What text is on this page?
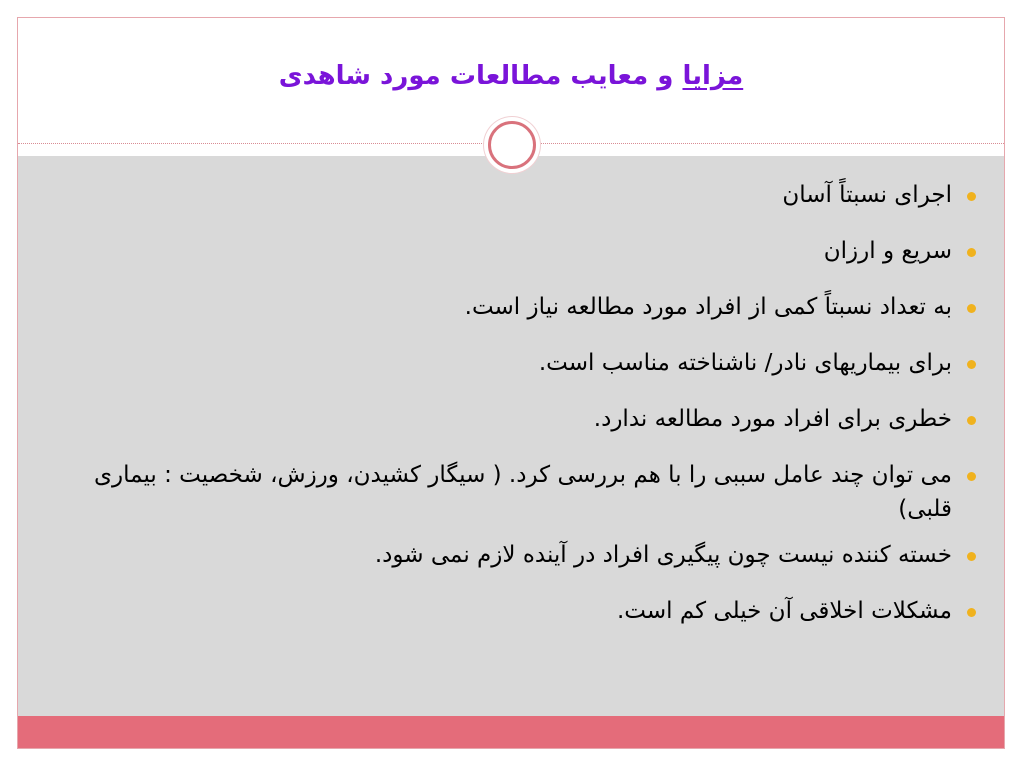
مزایا و معایب مطالعات مورد شاهدی
اجرای نسبتاً آسان
سریع و ارزان
به تعداد نسبتاً کمی از افراد مورد مطالعه نیاز است.
برای بیماریهای نادر/ ناشناخته مناسب است.
خطری برای افراد مورد مطالعه ندارد.
می توان چند عامل سببی را با هم بررسی کرد. ( سیگار کشیدن، ورزش، شخصیت : بیماری قلبی)
خسته کننده نیست چون پیگیری افراد در آینده لازم نمی شود.
مشکلات اخلاقی آن خیلی کم است.
